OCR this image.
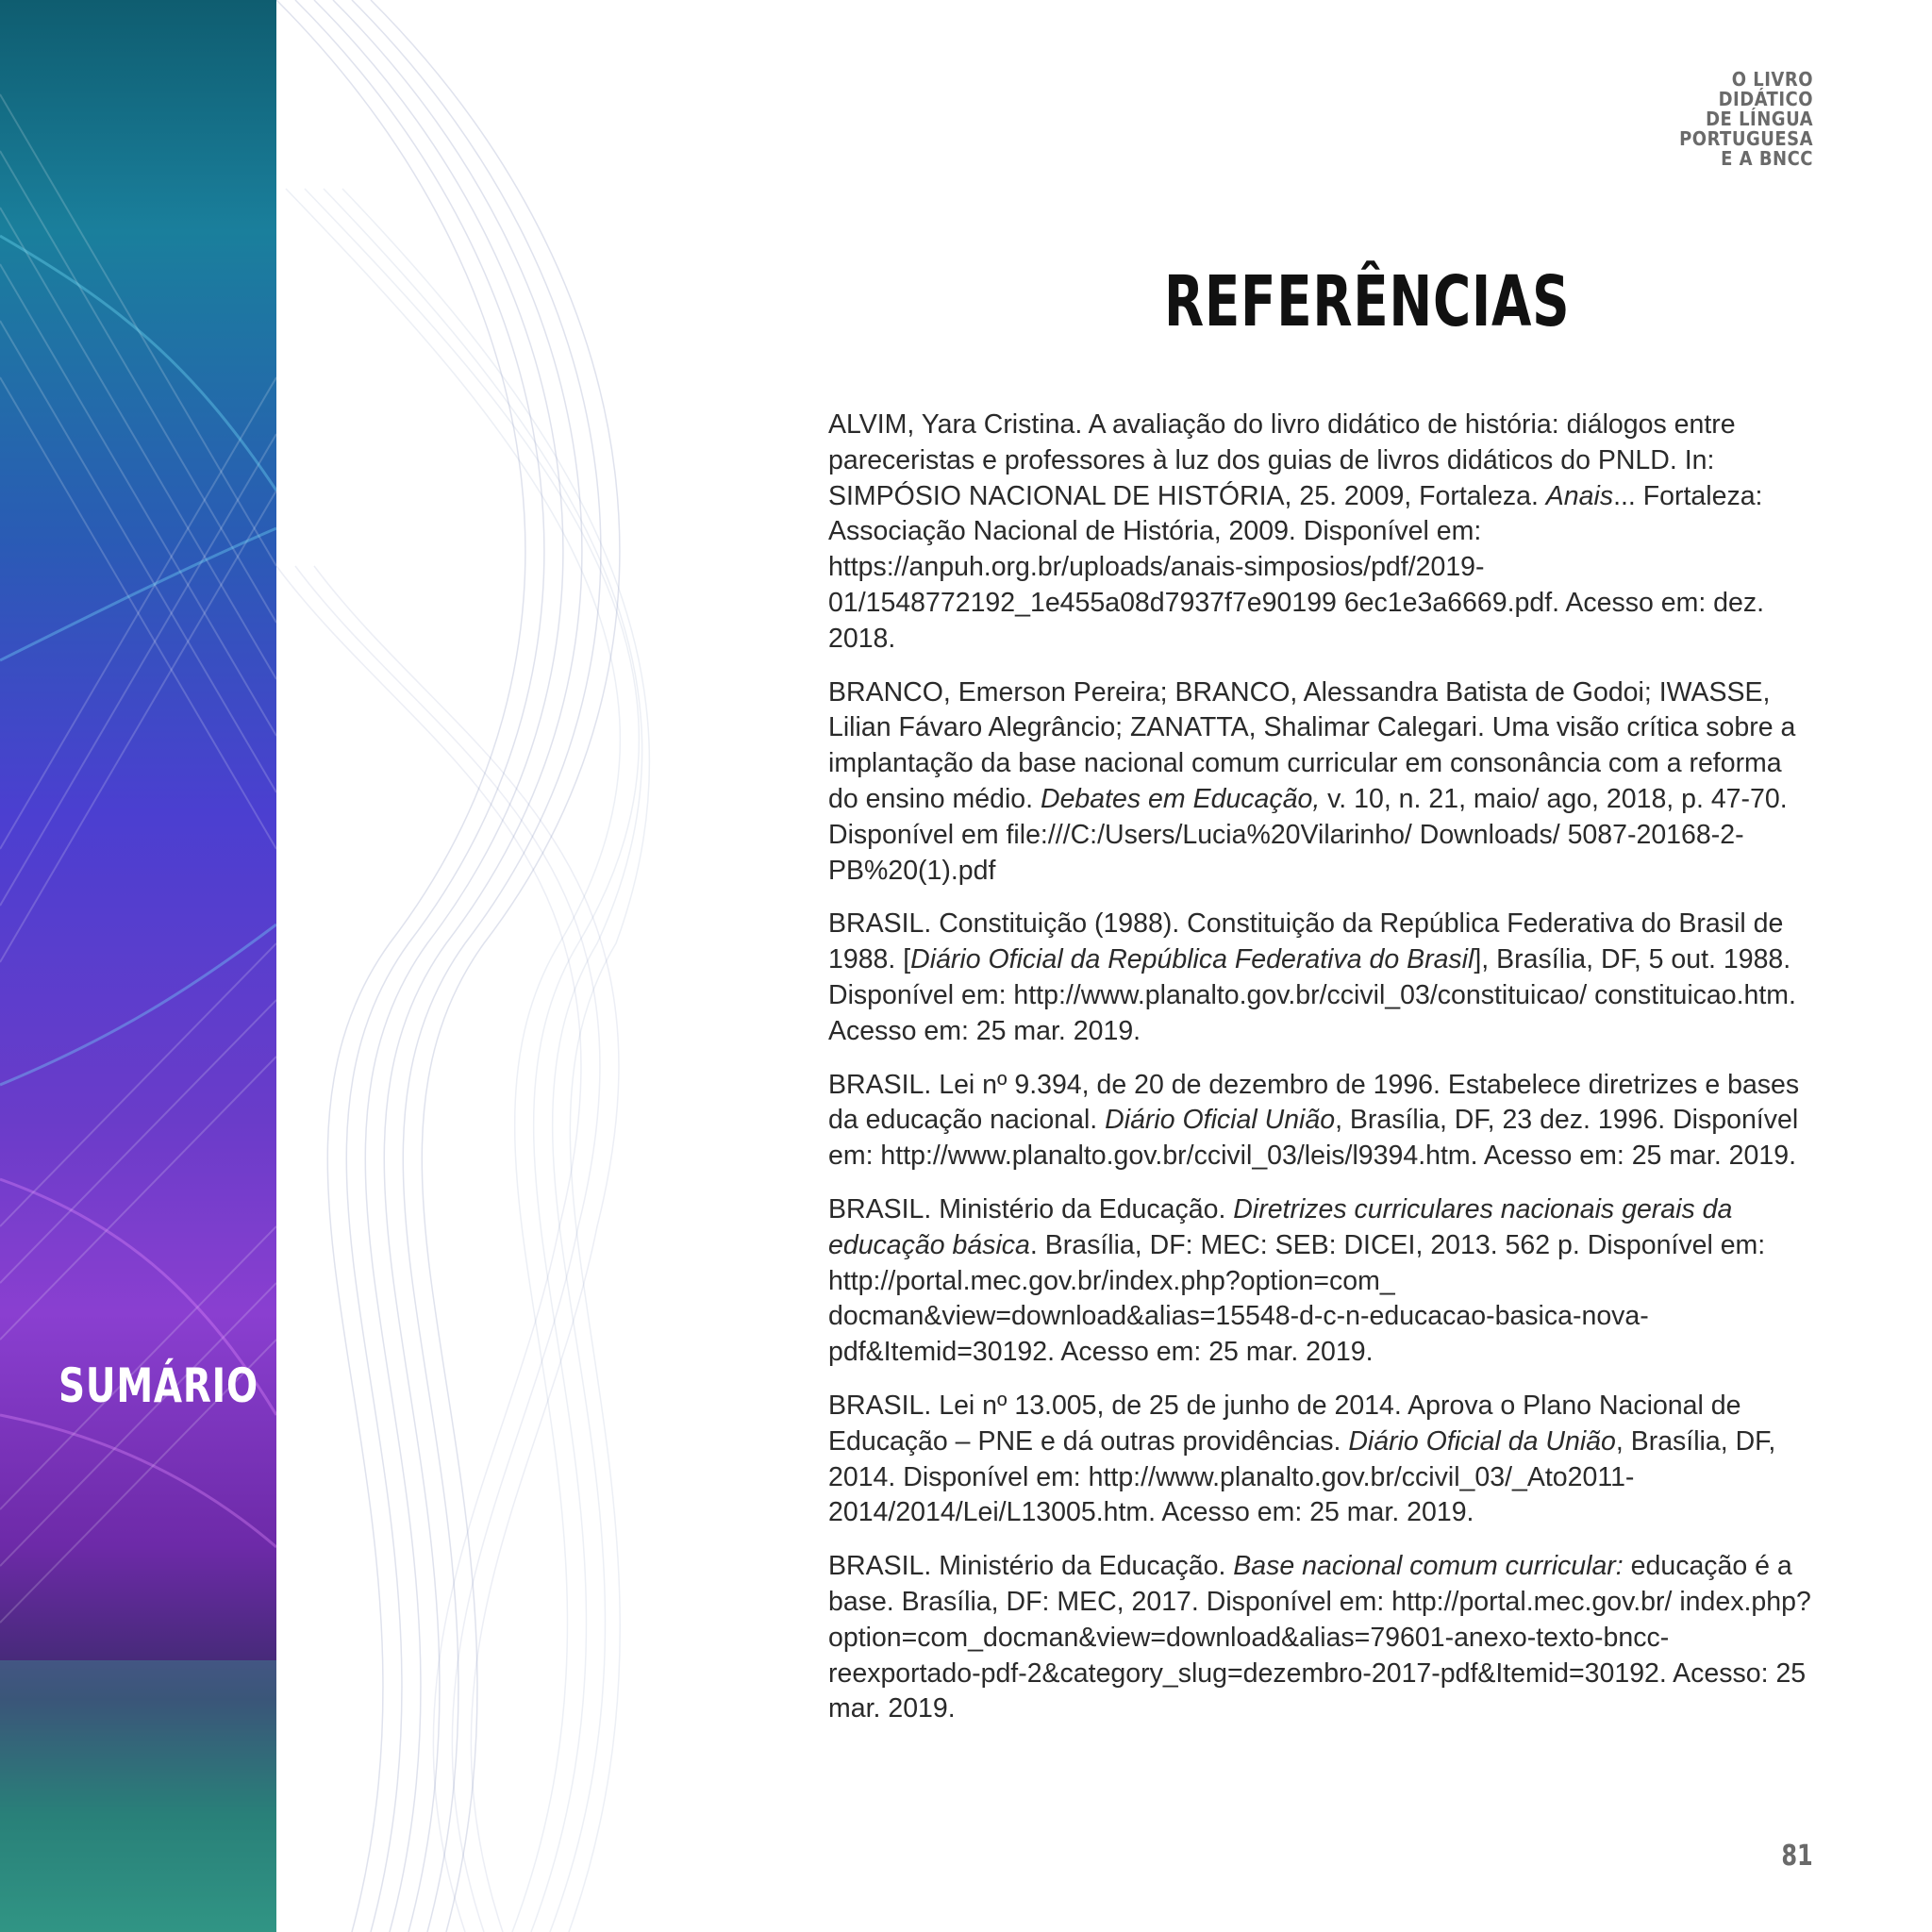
SUMÁRIO
O LIVRO
DIDÁTICO
DE LÍNGUA
PORTUGUESA
E A BNCC
REFERÊNCIAS

ALVIM, Yara Cristina. A avaliação do livro didático de história: diálogos entre pareceristas e professores à luz dos guias de livros didáticos do PNLD. In: SIMPÓSIO NACIONAL DE HISTÓRIA, 25. 2009, Fortaleza. Anais... Fortaleza: Associação Nacional de História, 2009. Disponível em: https://anpuh.org.br/uploads/anais-simposios/pdf/2019-01/1548772192_1e455a08d7937f7e90199 6ec1e3a6669.pdf. Acesso em: dez. 2018.

BRANCO, Emerson Pereira; BRANCO, Alessandra Batista de Godoi; IWASSE, Lilian Fávaro Alegrâncio; ZANATTA, Shalimar Calegari. Uma visão crítica sobre a implantação da base nacional comum curricular em consonância com a reforma do ensino médio. Debates em Educação, v. 10, n. 21, maio/ ago, 2018, p. 47-70. Disponível em file:///C:/Users/Lucia%20Vilarinho/ Downloads/ 5087-20168-2-PB%20(1).pdf

BRASIL. Constituição (1988). Constituição da República Federativa do Brasil de 1988. [Diário Oficial da República Federativa do Brasil], Brasília, DF, 5 out. 1988. Disponível em: http://www.planalto.gov.br/ccivil_03/constituicao/ constituicao.htm. Acesso em: 25 mar. 2019.

BRASIL. Lei nº 9.394, de 20 de dezembro de 1996. Estabelece diretrizes e bases da educação nacional. Diário Oficial União, Brasília, DF, 23 dez. 1996. Disponível em: http://www.planalto.gov.br/ccivil_03/leis/l9394.htm. Acesso em: 25 mar. 2019.

BRASIL. Ministério da Educação. Diretrizes curriculares nacionais gerais da educação básica. Brasília, DF: MEC: SEB: DICEI, 2013. 562 p. Disponível em: http://portal.mec.gov.br/index.php?option=com_ docman&view=download&alias=15548-d-c-n-educacao-basica-nova-pdf&Itemid=30192. Acesso em: 25 mar. 2019.

BRASIL. Lei nº 13.005, de 25 de junho de 2014. Aprova o Plano Nacional de Educação – PNE e dá outras providências. Diário Oficial da União, Brasília, DF, 2014. Disponível em: http://www.planalto.gov.br/ccivil_03/_Ato2011-2014/2014/Lei/L13005.htm. Acesso em: 25 mar. 2019.

BRASIL. Ministério da Educação. Base nacional comum curricular: educação é a base. Brasília, DF: MEC, 2017. Disponível em: http://portal.mec.gov.br/ index.php?option=com_docman&view=download&alias=79601-anexo-texto-bncc-reexportado-pdf-2&category_slug=dezembro-2017-pdf&Itemid=30192. Acesso: 25 mar. 2019.

81
